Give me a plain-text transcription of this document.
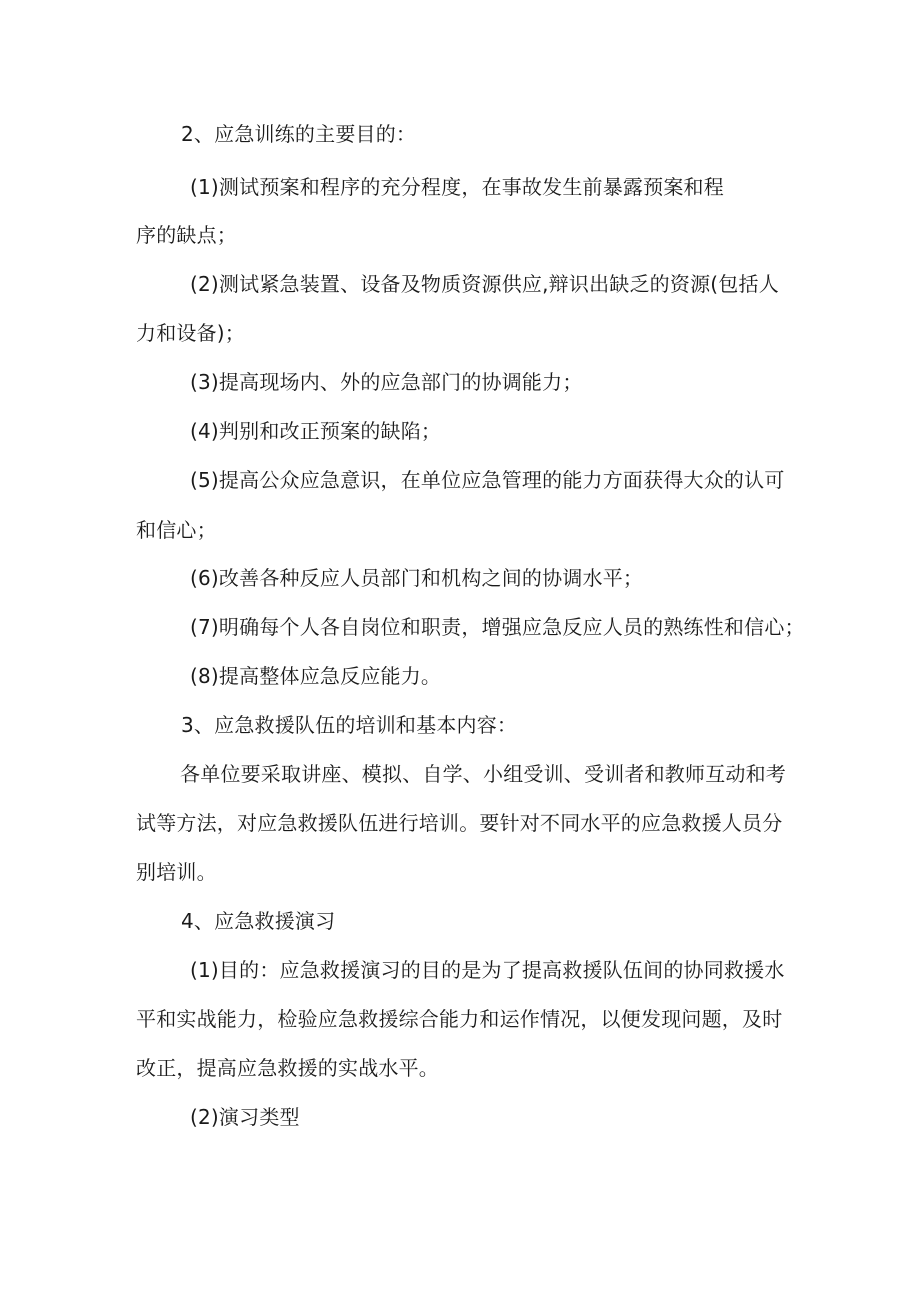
2、应急训练的主要目的：
(1)测试预案和程序的充分程度，在事故发生前暴露预案和程
序的缺点；
(2)测试紧急装置、设备及物质资源供应,辩识出缺乏的资源(包括人
力和设备)；
(3)提高现场内、外的应急部门的协调能力；
(4)判别和改正预案的缺陷；
(5)提高公众应急意识，在单位应急管理的能力方面获得大众的认可
和信心；
(6)改善各种反应人员部门和机构之间的协调水平；
(7)明确每个人各自岗位和职责，增强应急反应人员的熟练性和信心；
(8)提高整体应急反应能力。
3、应急救援队伍的培训和基本内容：
各单位要采取讲座、模拟、自学、小组受训、受训者和教师互动和考
试等方法，对应急救援队伍进行培训。要针对不同水平的应急救援人员分
别培训。
4、应急救援演习
(1)目的：应急救援演习的目的是为了提高救援队伍间的协同救援水
平和实战能力，检验应急救援综合能力和运作情况，以便发现问题，及时
改正，提高应急救援的实战水平。
(2)演习类型
